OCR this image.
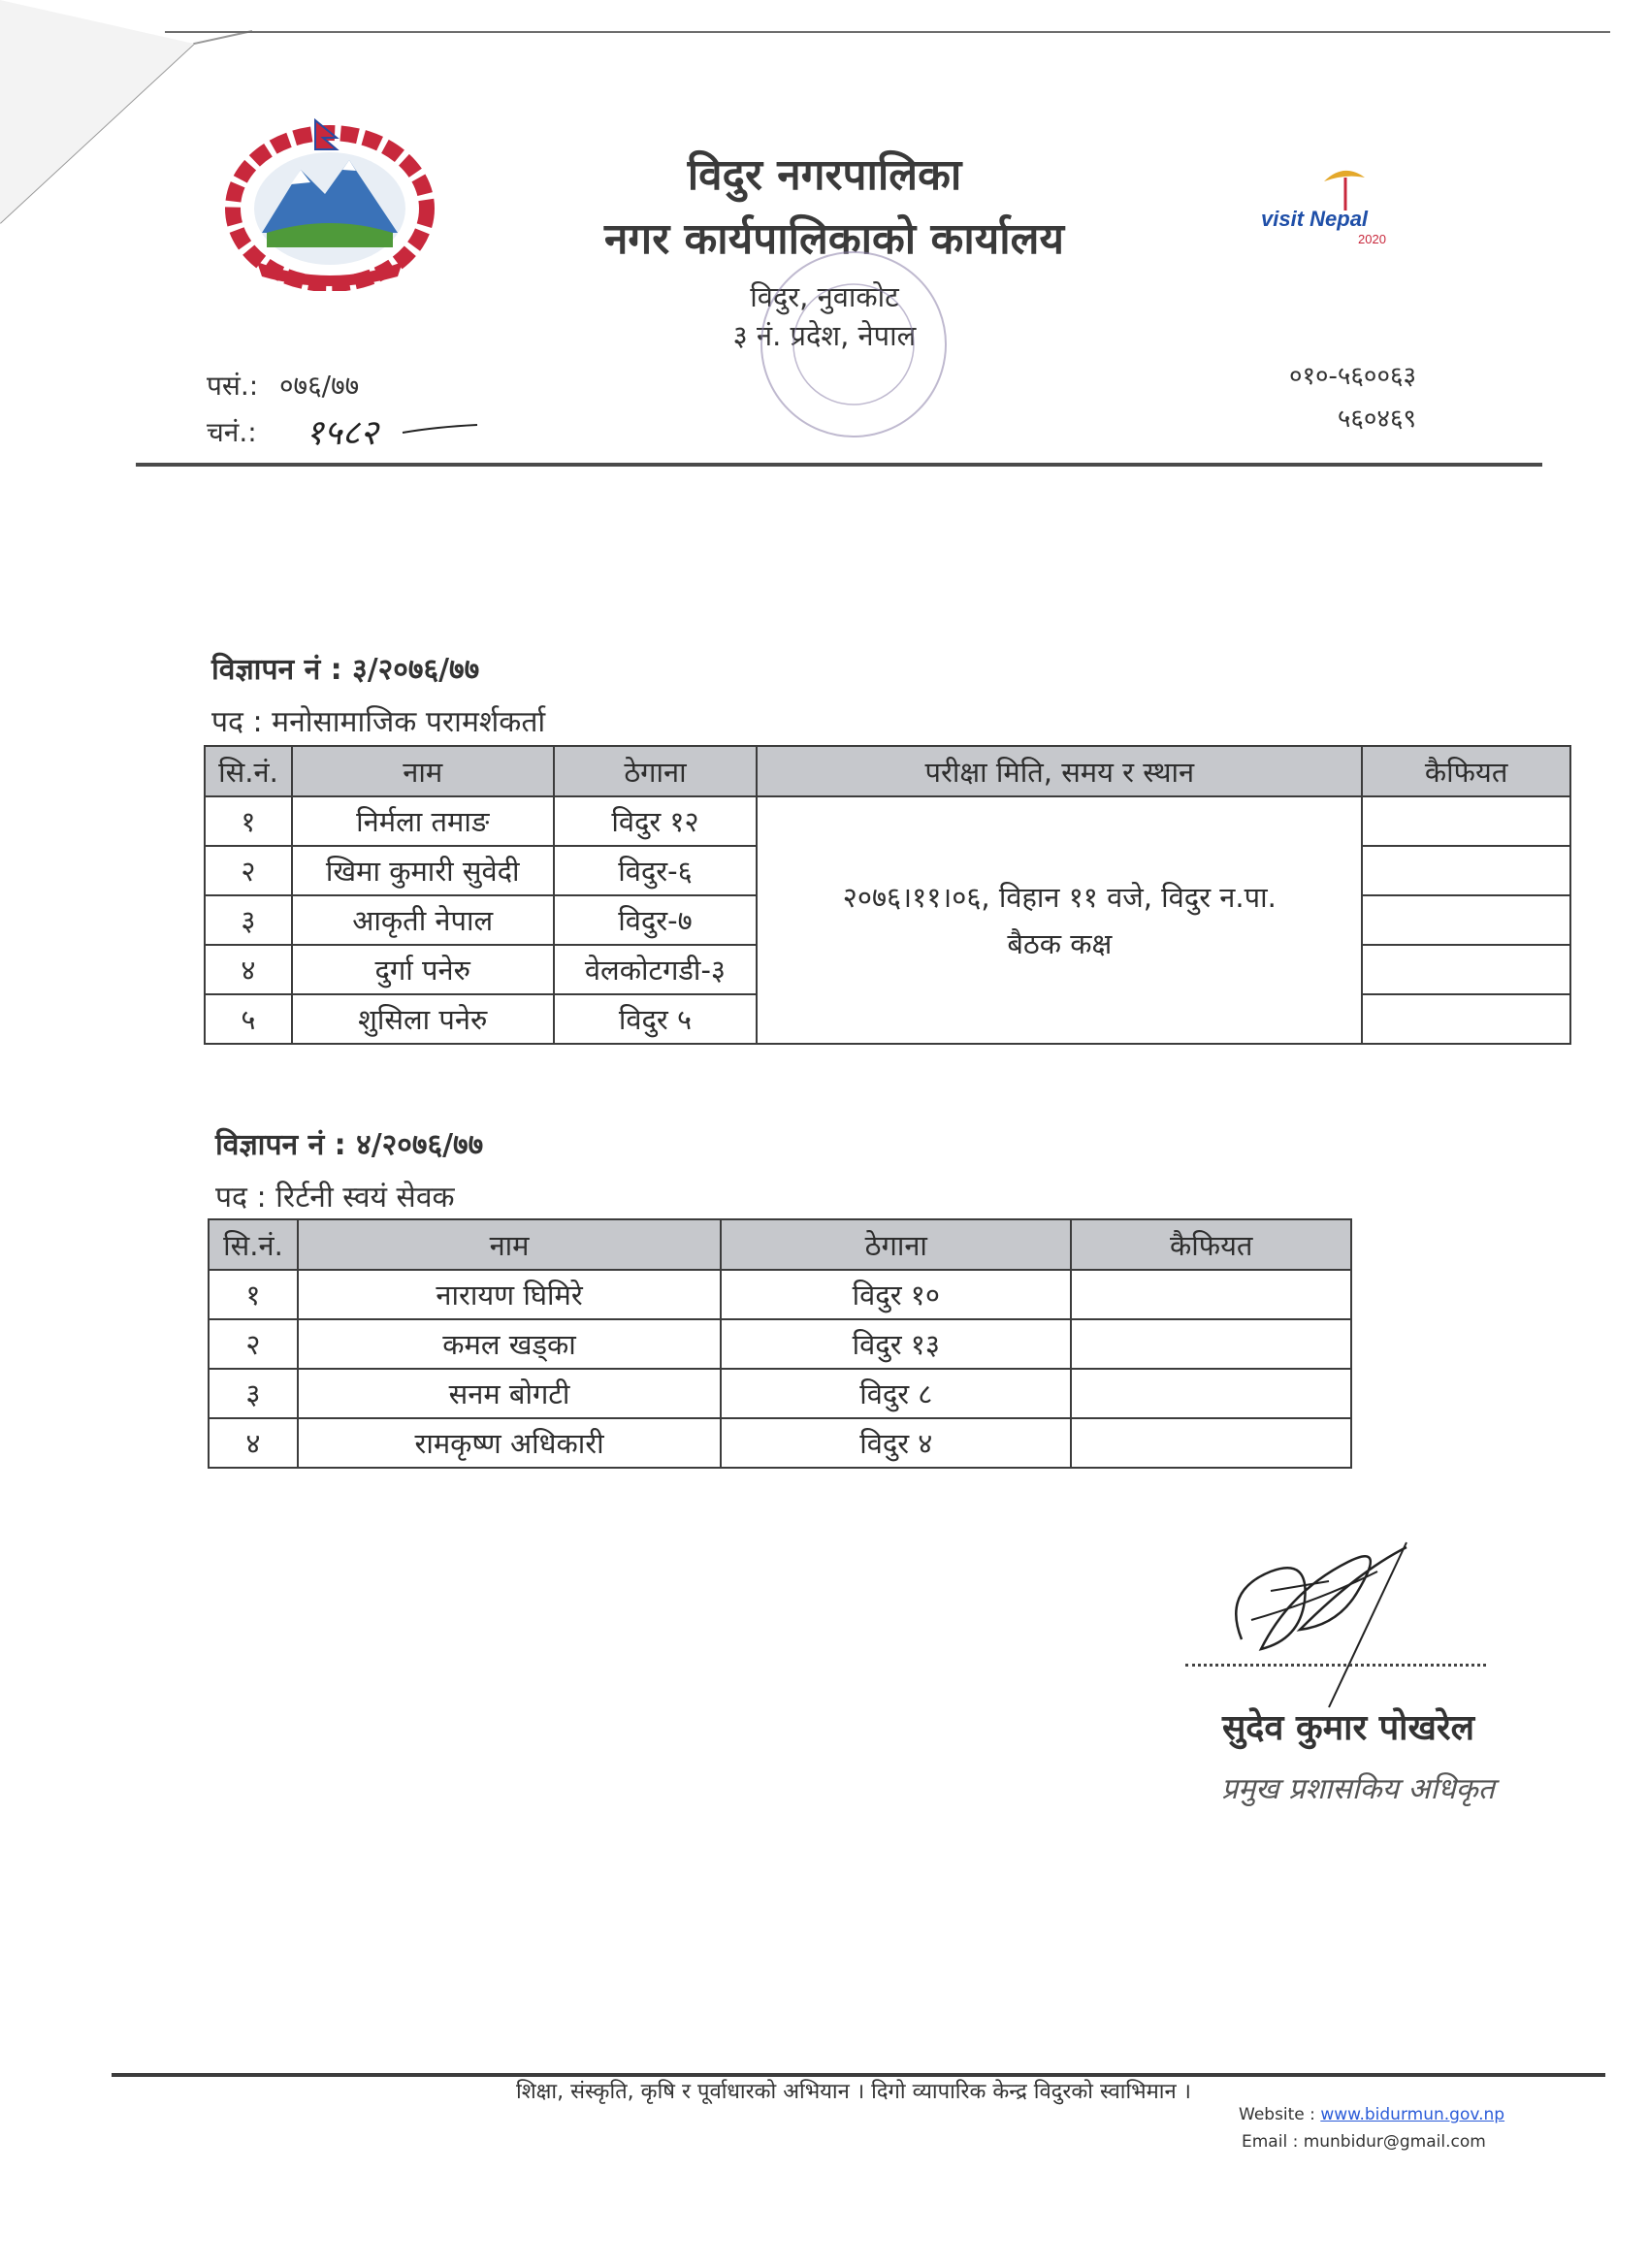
विदुर नगरपालिका
नगर कार्यपालिकाको कार्यालय
विदुर, नुवाकोट
३ नं. प्रदेश, नेपाल
visit Nepal
2020
पसं.: ०७६/७७
चनं.: १५८२
०१०-५६००६३
५६०४६९
विज्ञापन नं : ३/२०७६/७७
पद : मनोसामाजिक परामर्शकर्ता
सि.नं.	नाम	ठेगाना	परीक्षा मिति, समय र स्थान	कैफियत
१	निर्मला तमाङ	विदुर १२	२०७६।११।०६, विहान ११ वजे, विदुर न.पा.
बैठक कक्ष	

२	खिमा कुमारी सुवेदी	विदुर-६		
३	आकृती नेपाल	विदुर-७		
४	दुर्गा पनेरु	वेलकोटगडी-३		
५	शुसिला पनेरु	विदुर ५		
विज्ञापन नं : ४/२०७६/७७
पद : रिर्टनी स्वयं सेवक
सि.नं.	नाम	ठेगाना	कैफियत
१	नारायण घिमिरे	विदुर १०	
२	कमल खड्का	विदुर १३	
३	सनम बोगटी	विदुर ८	
४	रामकृष्ण अधिकारी	विदुर ४	
सुदेव कुमार पोखरेल
प्रमुख प्रशासकिय अधिकृत
शिक्षा, संस्कृति, कृषि र पूर्वाधारको अभियान । दिगो व्यापारिक केन्द्र विदुरको स्वाभिमान ।
Website : www.bidurmun.gov.np
Email : munbidur@gmail.com
